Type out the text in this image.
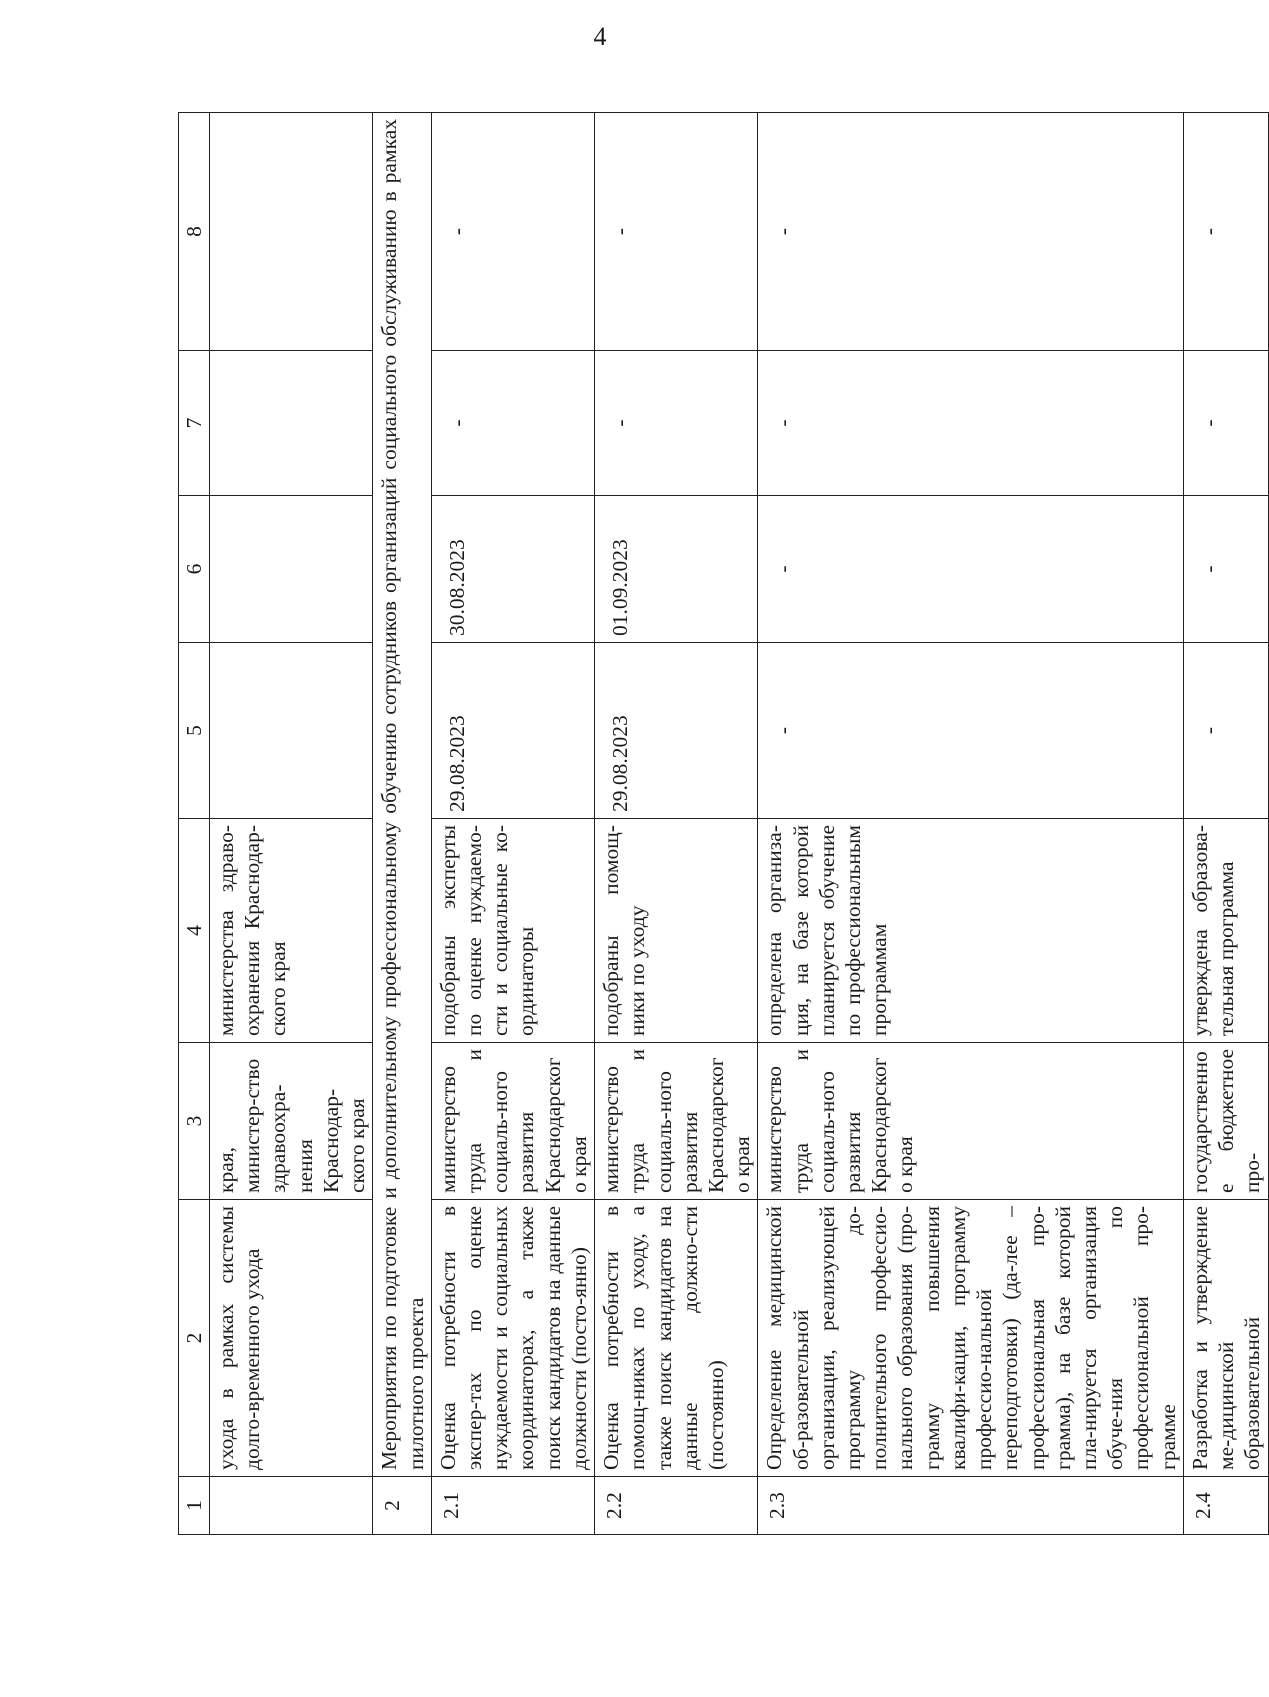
4
1	2	3	4	5	6	7	8
	ухода в рамках системы долго-временного ухода	края, министер-ство здравоохра-нения Краснодар-ского края	министерства здраво-охранения Краснодар-ского края				
2	Мероприятия по подготовке и дополнительному профессиональному обучению сотрудников организаций социального обслуживанию в рамках пилотного проекта						
2.1	Оценка потребности в экспер-тах по оценке нуждаемости и социальных координаторах, а также поиск кандидатов на данные должности (посто-янно)	министерство труда и социаль-ного развития Краснодарского края	подобраны эксперты по оценке нуждаемо-сти и социальные ко-ординаторы	29.08.2023	30.08.2023	-	-
2.2	Оценка потребности в помощ-никах по уходу, а также поиск кандидатов на данные должно-сти (постоянно)	министерство труда и социаль-ного развития Краснодарского края	подобраны помощ-ники по уходу	29.08.2023	01.09.2023	-	-
2.3	Определение медицинской об-разовательной организации, реализующей программу до-полнительного профессио-нального образования (про-грамму повышения квалифи-кации, программу профессио-нальной переподготовки) (да-лее – профессиональная про-грамма), на базе которой пла-нируется организация обуче-ния по профессиональной про-грамме	министерство труда и социаль-ного развития Краснодарского края	определена организа-ция, на базе которой планируется обучение по профессиональным программам	-	-	-	-
2.4	Разработка и утверждение ме-дицинской образовательной	государственное бюджетное про-	утверждена образова-тельная программа	-	-	-	-
